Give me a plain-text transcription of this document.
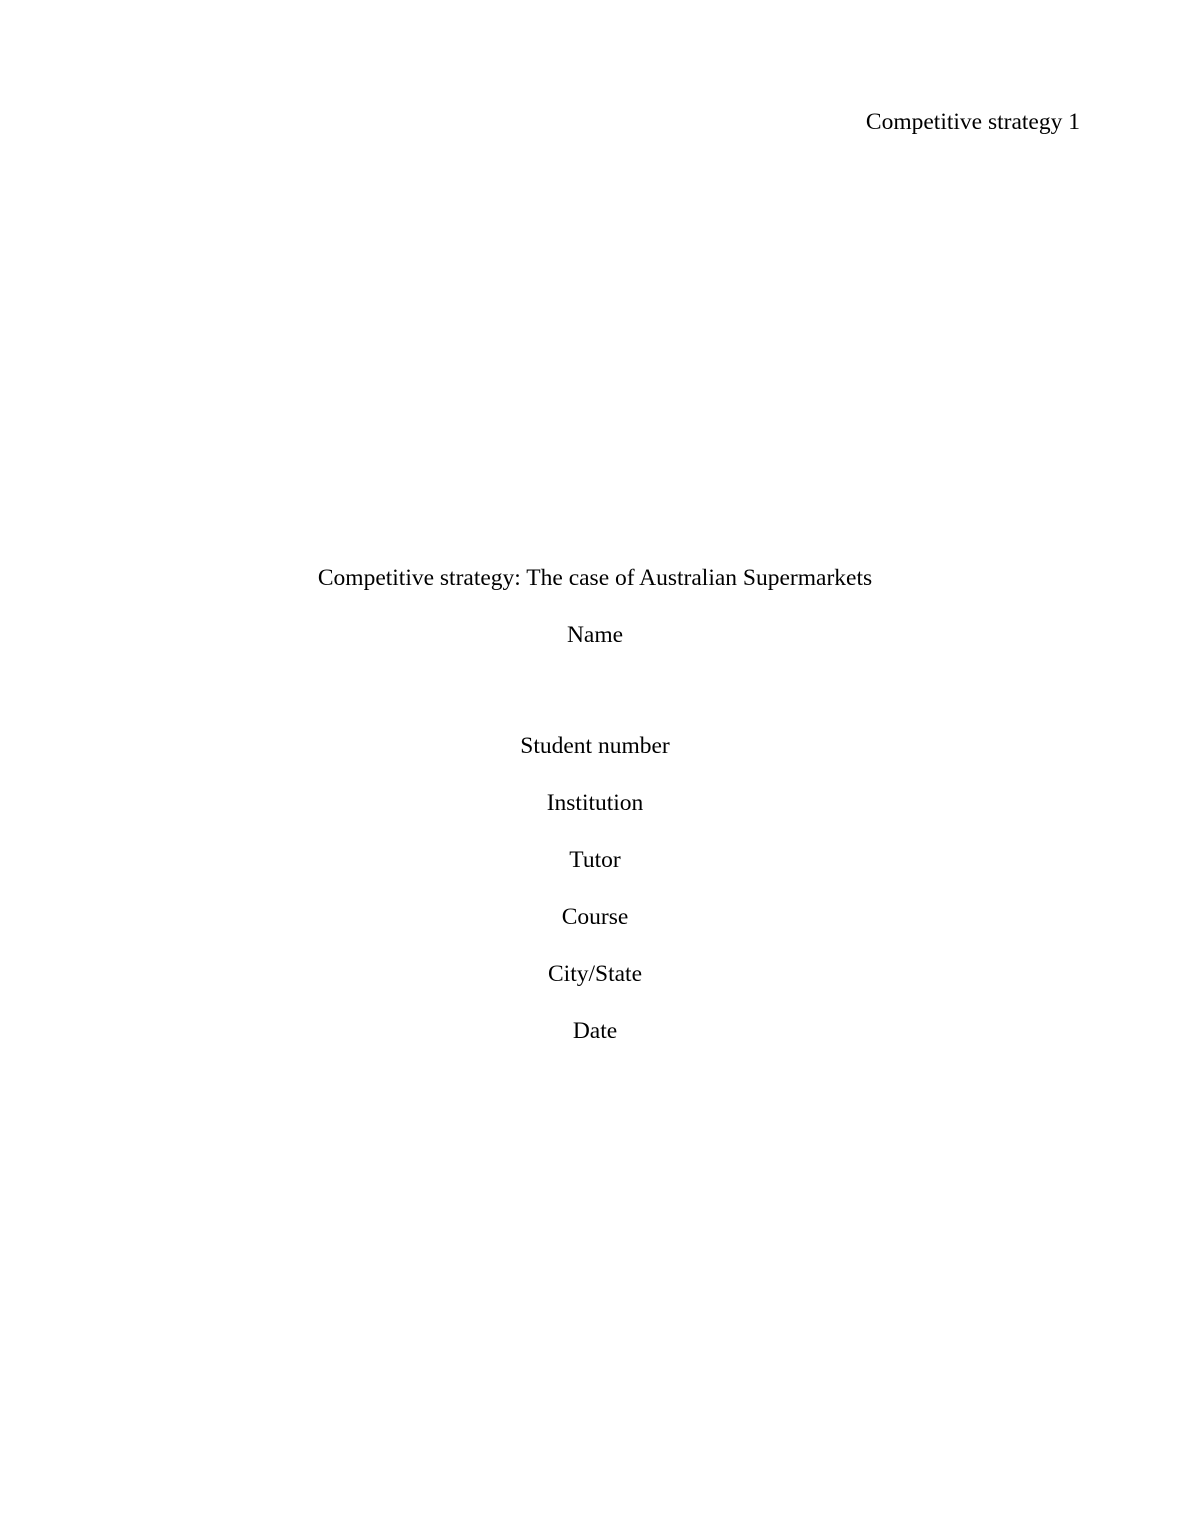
Competitive strategy 1

Competitive strategy: The case of Australian Supermarkets

Name

Student number

Institution

Tutor

Course

City/State

Date
